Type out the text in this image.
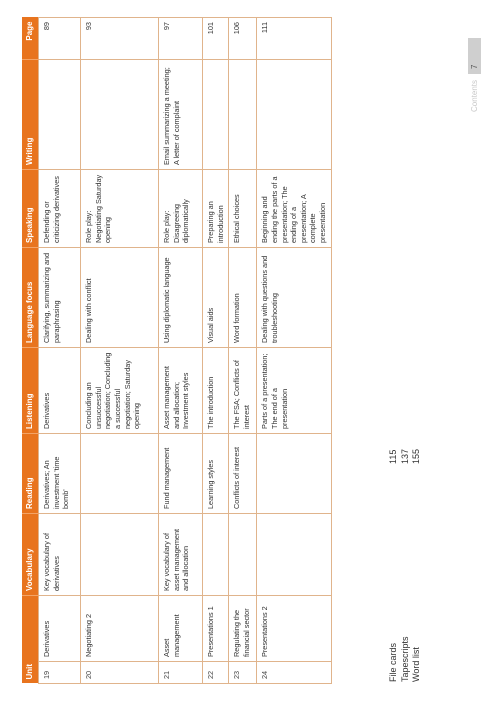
Unit		Vocabulary	Reading	Listening	Language focus	Speaking	Writing	Page
19	Derivatives	Key vocabulary of derivatives	Derivatives; An investment 'time bomb'	Derivatives	Clarifying, summarizing and paraphrasing	Defending or criticizing derivatives		89
20	Negotiating 2			Concluding an unsuccessful negotiation; Concluding a successful negotiation; Saturday opening	Dealing with conflict	Role play: Negotiating Saturday opening		93
21	Asset management	Key vocabulary of asset management and allocation	Fund management	Asset management and allocation; Investment styles	Using diplomatic language	Role play: Disagreeing diplomatically	Email summarizing a meeting; A letter of complaint	97
22	Presentations 1		Learning styles	The introduction	Visual aids	Preparing an introduction		101
23	Regulating the financial sector		Conflicts of interest	The FSA; Conflicts of interest	Word formation	Ethical choices		106
24	Presentations 2			Parts of a presentation; The end of a presentation	Dealing with questions and troubleshooting	Beginning and ending the parts of a presentation; The ending of a presentation; A complete presentation		111
File cards
115
Tapescripts
137
Word list
155
Contents
7
